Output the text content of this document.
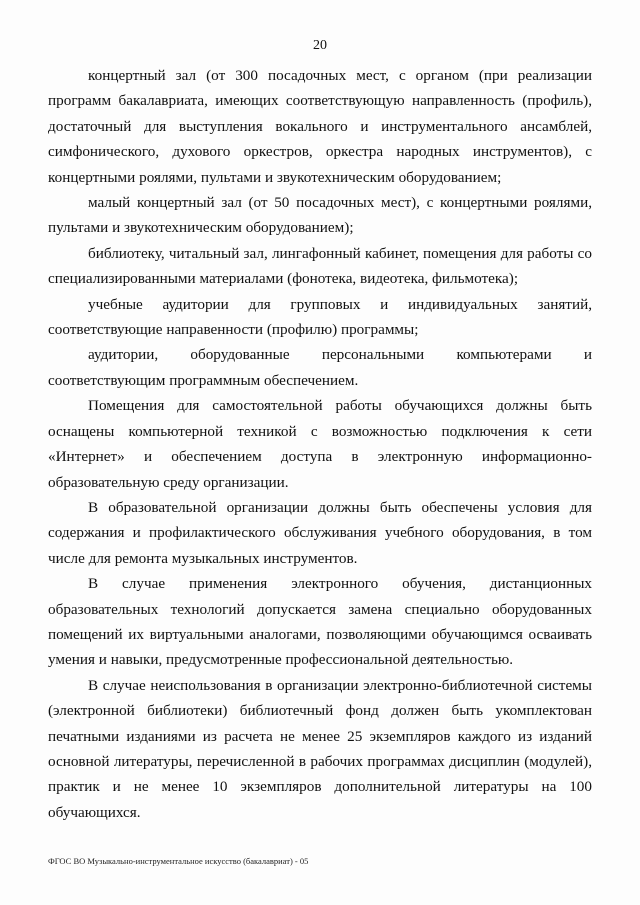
20

концертный зал (от 300 посадочных мест, с органом (при реализации программ бакалавриата, имеющих соответствующую направленность (профиль), достаточный для выступления вокального и инструментального ансамблей, симфонического, духового оркестров, оркестра народных инструментов), с концертными роялями, пультами и звукотехническим оборудованием;

малый концертный зал (от 50 посадочных мест), с концертными роялями, пультами и звукотехническим оборудованием);

библиотеку, читальный зал, лингафонный кабинет, помещения для работы со специализированными материалами (фонотека, видеотека, фильмотека);

учебные аудитории для групповых и индивидуальных занятий, соответствующие направенности (профилю) программы;

аудитории, оборудованные персональными компьютерами и соответствующим программным обеспечением.

Помещения для самостоятельной работы обучающихся должны быть оснащены компьютерной техникой с возможностью подключения к сети «Интернет» и обеспечением доступа в электронную информационно-образовательную среду организации.

В образовательной организации должны быть обеспечены условия для содержания и профилактического обслуживания учебного оборудования, в том числе для ремонта музыкальных инструментов.

В случае применения электронного обучения, дистанционных образовательных технологий допускается замена специально оборудованных помещений их виртуальными аналогами, позволяющими обучающимся осваивать умения и навыки, предусмотренные профессиональной деятельностью.

В случае неиспользования в организации электронно-библиотечной системы (электронной библиотеки) библиотечный фонд должен быть укомплектован печатными изданиями из расчета не менее 25 экземпляров каждого из изданий основной литературы, перечисленной в рабочих программах дисциплин (модулей), практик и не менее 10 экземпляров дополнительной литературы на 100 обучающихся.

ФГОС ВО Музыкально-инструментальное искусство (бакалавриат) - 05
